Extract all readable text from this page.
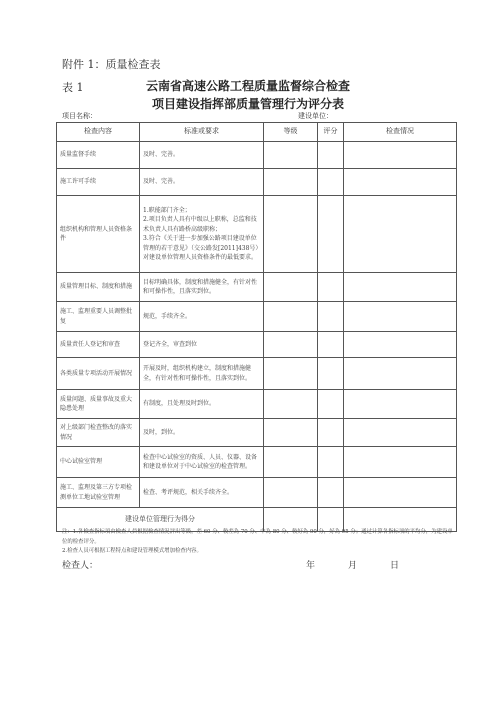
附件 1：质量检查表
表 1	云南省高速公路工程质量监督综合检查
项目建设指挥部质量管理行为评分表
项目名称：	建设单位：
检查内容	标准或要求	等级	评分	检查情况
质量监督手续	及时、完善。			
施工许可手续	及时、完善。			
组织机构和管理人员资格条件	1.职能部门齐全；
2.项目负责人具有中级以上职称，总监和技术负责人具有路桥高级职称；
3.符合《关于进一步加强公路项目建设单位管理的若干意见》（交公路发[2011]438号）对建设单位管理人员资格条件的最低要求。			
质量管理目标、制度和措施	目标明确具体，制度和措施健全，有针对性和可操作性，且落实到位。			
施工、监理重要人员调整批复	规范，手续齐全。			
质量责任人登记和审查	登记齐全，审查到位			
各类质量专项活动开展情况	开展及时，组织机构建立，制度和措施健全，有针对性和可操作性，且落实到位。			
质量问题、质量事故及重大隐患处理	有制度，且处理及时到位。			
对上级部门检查整改的落实情况	及时，到位。			
中心试验室管理	检查中心试验室的资质、人员、仪器、设备和建设单位对于中心试验室的检查管理。			
施工、监理及第三方专项检测单位工地试验室管理	检查、考评规范，相关手续齐全。			
建设单位管理行为得分				
注：1.各檢查指标項由檢查人員根据檢查情況評出等級，差 60 分、較差為 70 分、中為 80 分、較好為 90 分，好為 95 分；通过计算各指标项的平均分，为建设单位的检查评分。
2.检查人员可根据工程特点和建设管理模式增加检查内容。
检查人：	年	月	日
